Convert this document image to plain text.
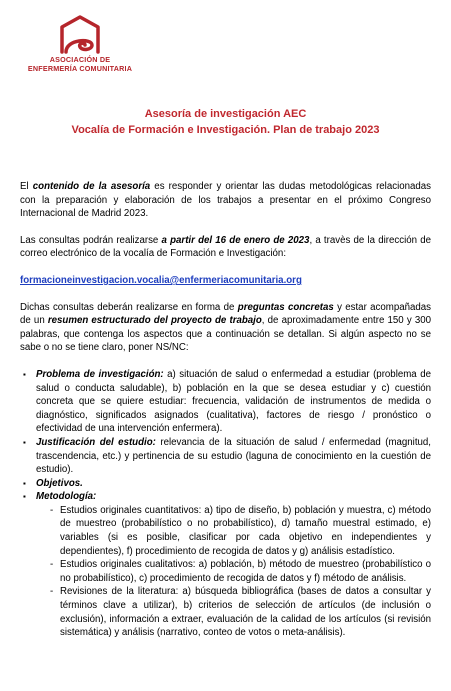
ASOCIACIÓN DE
ENFERMERÍA COMUNITARIA
Asesoría de investigación AEC
Vocalía de Formación e Investigación. Plan de trabajo 2023

El contenido de la asesoría es responder y orientar las dudas metodológicas relacionadas con la preparación y elaboración de los trabajos a presentar en el próximo Congreso Internacional de Madrid 2023.

Las consultas podrán realizarse a partir del 16 de enero de 2023, a travès de la dirección de correo electrónico de la vocalía de Formación e Investigación:

formacioneinvestigacion.vocalia@enfermeriacomunitaria.org

Dichas consultas deberán realizarse en forma de preguntas concretas y estar acompañadas de un resumen estructurado del proyecto de trabajo, de aproximadamente entre 150 y 300 palabras, que contenga los aspectos que a continuación se detallan. Si algún aspecto no se sabe o no se tiene claro, poner NS/NC:

▪ Problema de investigación: a) situación de salud o enfermedad a estudiar (problema de salud o conducta saludable), b) población en la que se desea estudiar y c) cuestión concreta que se quiere estudiar: frecuencia, validación de instrumentos de medida o diagnóstico, significados asignados (cualitativa), factores de riesgo / pronóstico o efectividad de una intervención enfermera).
▪ Justificación del estudio: relevancia de la situación de salud / enfermedad (magnitud, trascendencia, etc.) y pertinencia de su estudio (laguna de conocimiento en la cuestión de estudio).
▪ Objetivos.
▪ Metodología:
- Estudios originales cuantitativos: a) tipo de diseño, b) población y muestra, c) método de muestreo (probabilístico o no probabilístico), d) tamaño muestral estimado, e) variables (si es posible, clasificar por cada objetivo en independientes y dependientes), f) procedimiento de recogida de datos y g) análisis estadístico.
- Estudios originales cualitativos: a) población, b) método de muestreo (probabilístico o no probabilístico), c) procedimiento de recogida de datos y f) método de análisis.
- Revisiones de la literatura: a) búsqueda bibliográfica (bases de datos a consultar y términos clave a utilizar), b) criterios de selección de artículos (de inclusión o exclusión), información a extraer, evaluación de la calidad de los artículos (si revisión sistemática) y análisis (narrativo, conteo de votos o meta-análisis).
